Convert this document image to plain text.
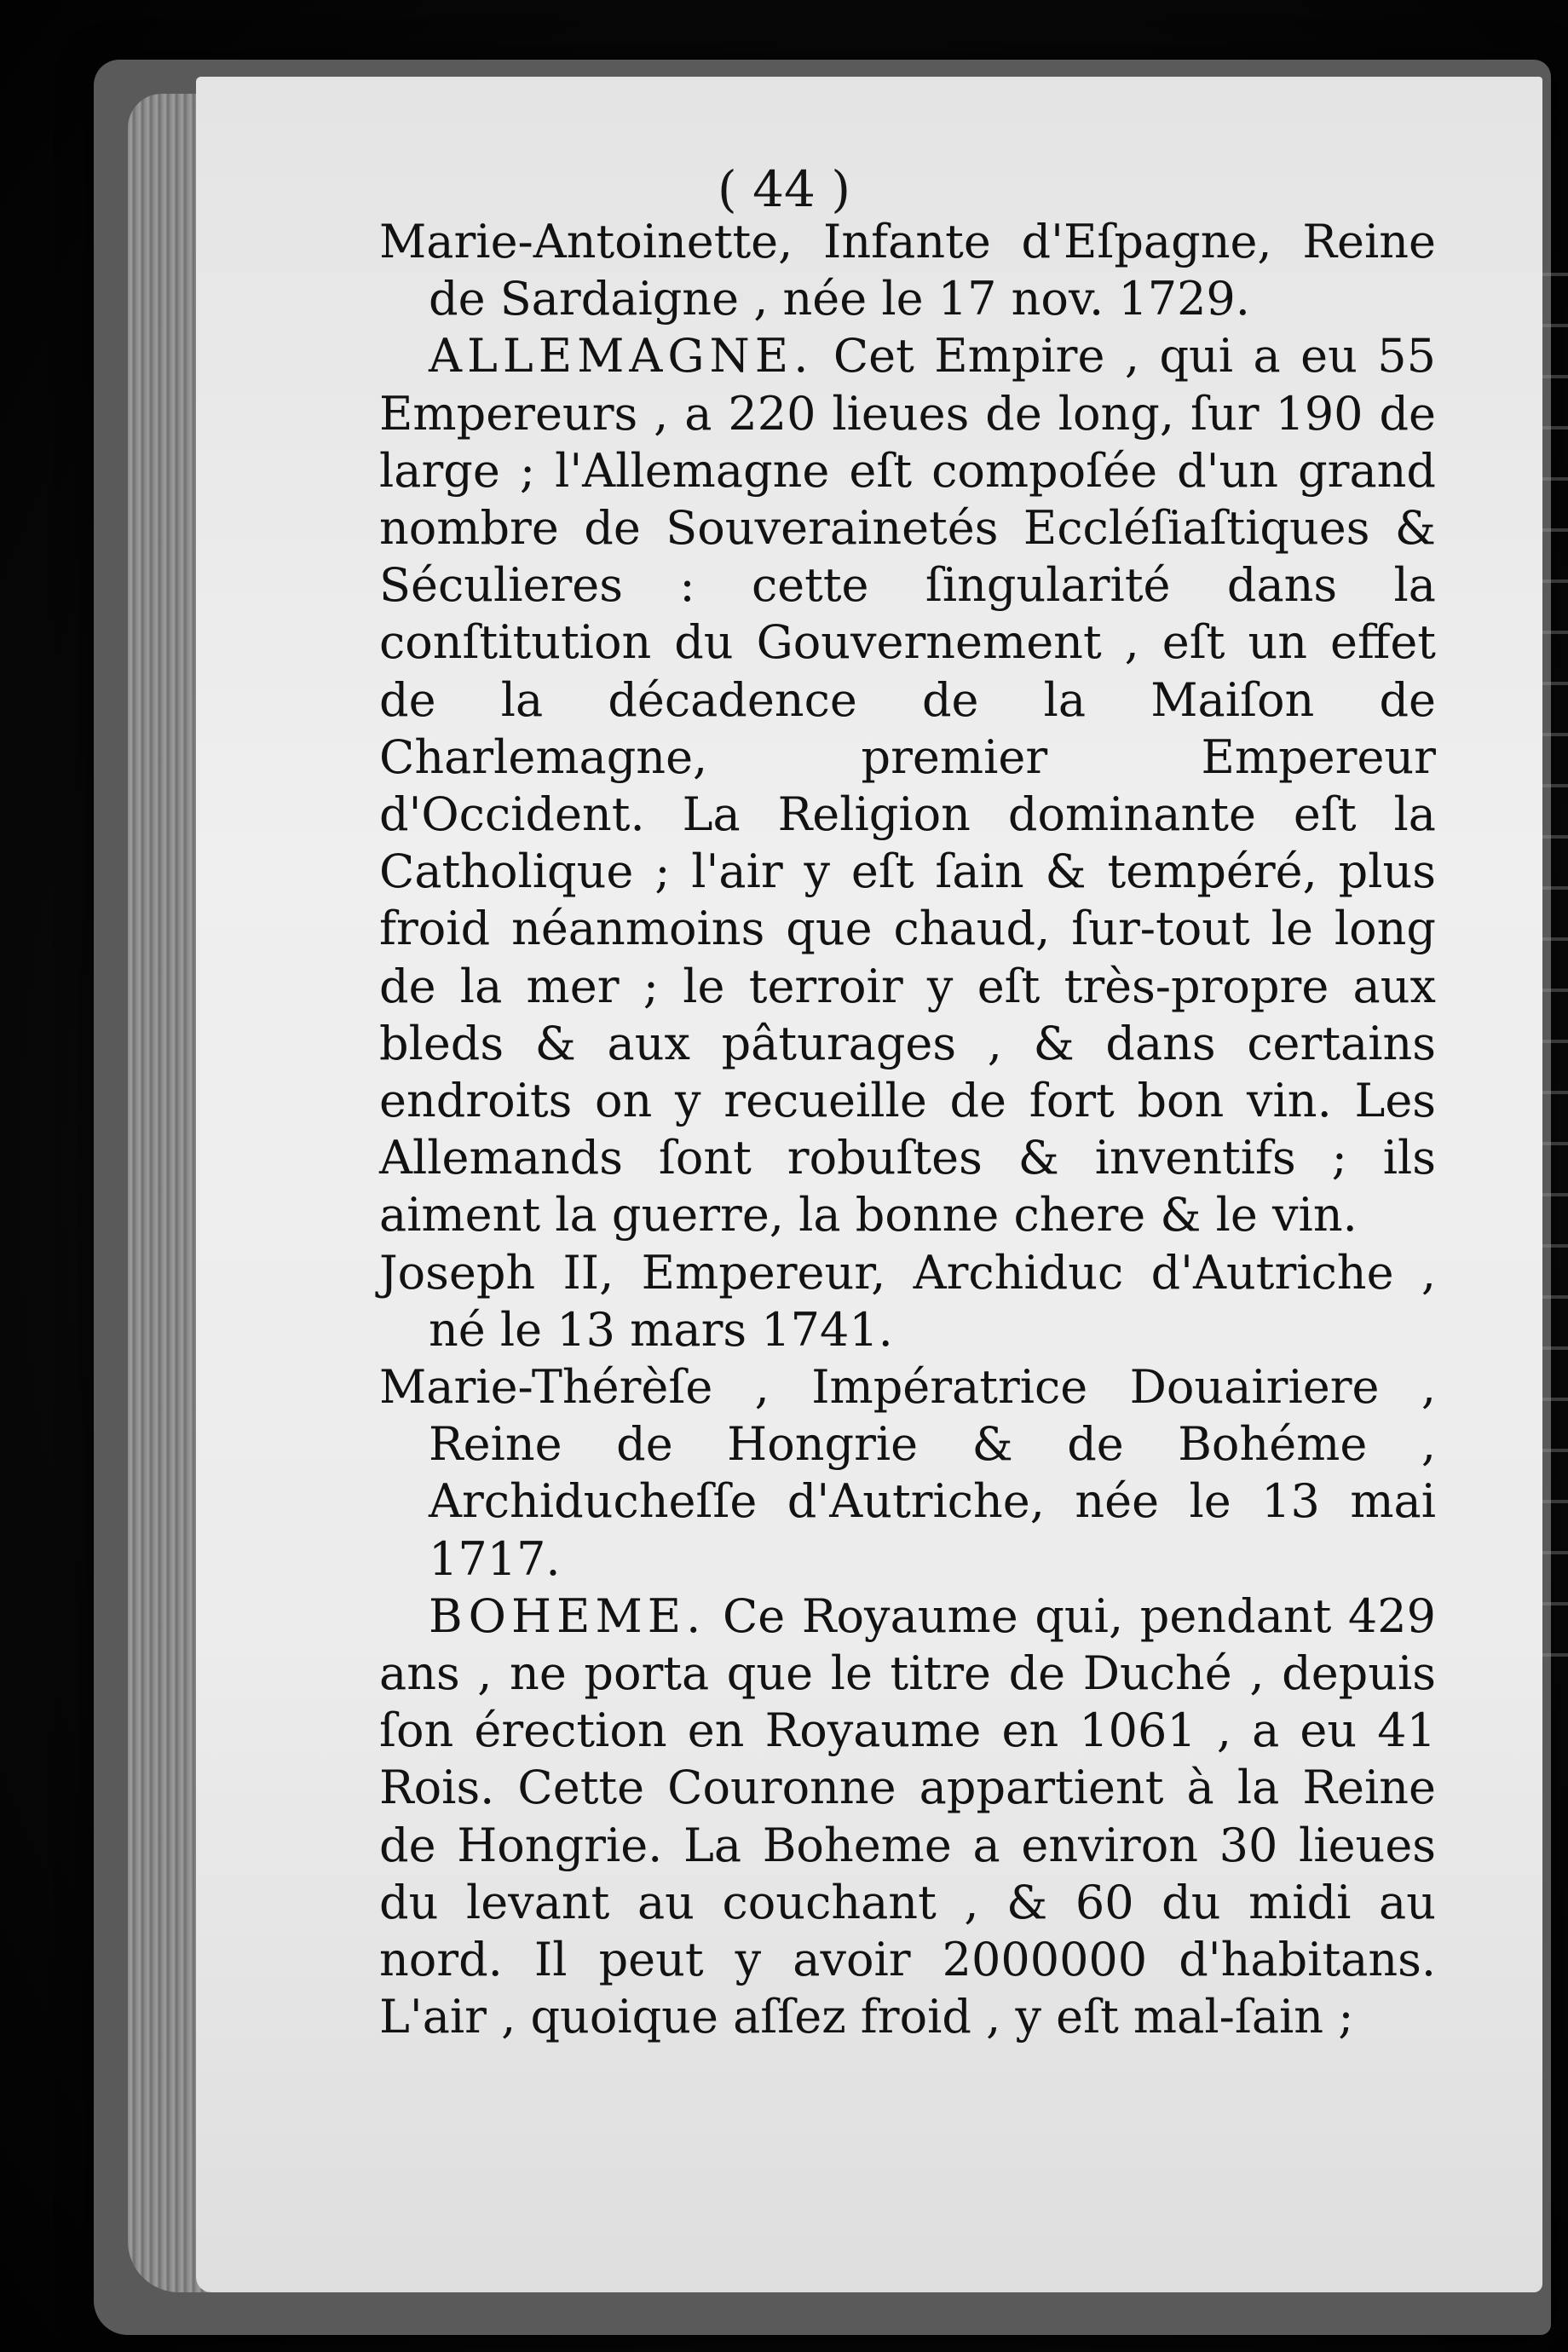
( 44 )

Marie-Antoinette, Infante d'Eſpagne, Reine de Sardaigne , née le 17 nov. 1729.

ALLEMAGNE. Cet Empire , qui a eu 55 Empereurs , a 220 lieues de long, ſur 190 de large ; l'Allemagne eſt compoſée d'un grand nombre de Souverainetés Eccléſiaſtiques & Séculieres : cette ſingularité dans la conſtitution du Gouvernement , eſt un effet de la décadence de la Maiſon de Charlemagne, premier Empereur d'Occident. La Religion dominante eſt la Catholique ; l'air y eſt ſain & tempéré, plus froid néanmoins que chaud, ſur-tout le long de la mer ; le terroir y eſt très-propre aux bleds & aux pâturages , & dans certains endroits on y recueille de fort bon vin. Les Allemands ſont robuſtes & inventifs ; ils aiment la guerre, la bonne chere & le vin.

Joseph II, Empereur, Archiduc d'Autriche , né le 13 mars 1741.

Marie-Thérèſe , Impératrice Douairiere , Reine de Hongrie & de Bohéme , Archiducheſſe d'Autriche, née le 13 mai 1717.

BOHEME. Ce Royaume qui, pendant 429 ans , ne porta que le titre de Duché , depuis ſon érection en Royaume en 1061 , a eu 41 Rois. Cette Couronne appartient à la Reine de Hongrie. La Boheme a environ 30 lieues du levant au couchant , & 60 du midi au nord. Il peut y avoir 2000000 d'habitans. L'air , quoique aſſez froid , y eſt mal-ſain ;
